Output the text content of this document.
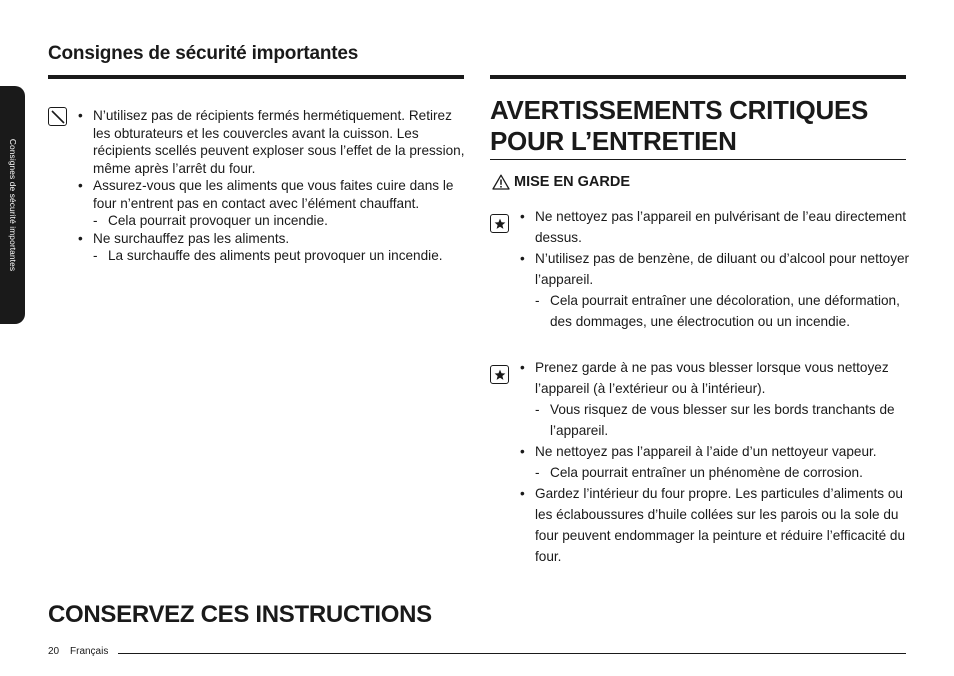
Consignes de sécurité importantes
Consignes de sécurité importantes
• N’utilisez pas de récipients fermés hermétiquement. Retirez les obturateurs et les couvercles avant la cuisson. Les récipients scellés peuvent exploser sous l’effet de la pression, même après l’arrêt du four.
• Assurez-vous que les aliments que vous faites cuire dans le four n’entrent pas en contact avec l’élément chauffant.
- Cela pourrait provoquer un incendie.
• Ne surchauffez pas les aliments.
- La surchauffe des aliments peut provoquer un incendie.
AVERTISSEMENTS CRITIQUES POUR L’ENTRETIEN
MISE EN GARDE
• Ne nettoyez pas l’appareil en pulvérisant de l’eau directement dessus.
• N’utilisez pas de benzène, de diluant ou d’alcool pour nettoyer l’appareil.
- Cela pourrait entraîner une décoloration, une déformation, des dommages, une électrocution ou un incendie.
• Prenez garde à ne pas vous blesser lorsque vous nettoyez l’appareil (à l’extérieur ou à l’intérieur).
- Vous risquez de vous blesser sur les bords tranchants de l’appareil.
• Ne nettoyez pas l’appareil à l’aide d’un nettoyeur vapeur.
- Cela pourrait entraîner un phénomène de corrosion.
• Gardez l’intérieur du four propre. Les particules d’aliments ou les éclaboussures d’huile collées sur les parois ou la sole du four peuvent endommager la peinture et réduire l’efficacité du four.
CONSERVEZ CES INSTRUCTIONS
20 Français
